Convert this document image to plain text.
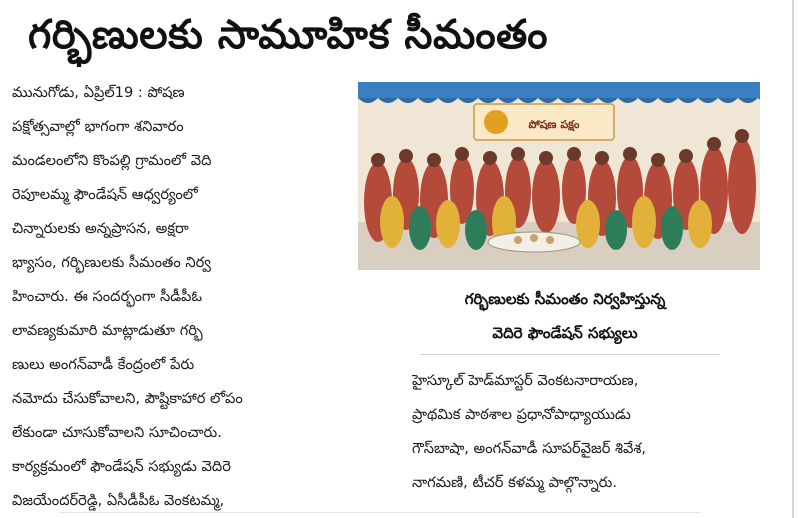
గర్భిణులకు సామూహిక సీమంతం
మునుగోడు, ఏప్రిల్19 : పోషణ
పక్షోత్సవాల్లో భాగంగా శనివారం
మండలంలోని కొంపల్లి గ్రామంలో వెది
రెపూలమ్మ ఫౌండేషన్ ఆధ్వర్యంలో
చిన్నారులకు అన్నప్రాసన, అక్షరా
భ్యాసం, గర్భిణులకు సీమంతం నిర్వ
హించారు. ఈ సందర్భంగా సీడీపీఓ
లావణ్యకుమారి మాట్లాడుతూ గర్భి
ణులు అంగన్‌వాడీ కేంద్రంలో పేరు
నమోదు చేసుకోవాలని, పౌష్టికాహార లోపం
లేకుండా చూసుకోవాలని సూచించారు.
కార్యక్రమంలో ఫౌండేషన్ సభ్యుడు వెదిరె
విజయేందర్‌రెడ్డి, ఏసీడీపీఓ వెంకటమ్మ,
పోషణ పక్షం
గర్భిణులకు సీమంతం నిర్వహిస్తున్న
వెదిరె ఫౌండేషన్ సభ్యులు
హైస్కూల్ హెడ్‌మాస్టర్ వెంకటనారాయణ,
ప్రాథమిక పాఠశాల ప్రధానోపాధ్యాయుడు
గౌస్‌బాషా, అంగన్‌వాడీ సూపర్‌వైజర్ శివేశ,
నాగమణి, టీచర్ కళమ్మ పాల్గొన్నారు.
